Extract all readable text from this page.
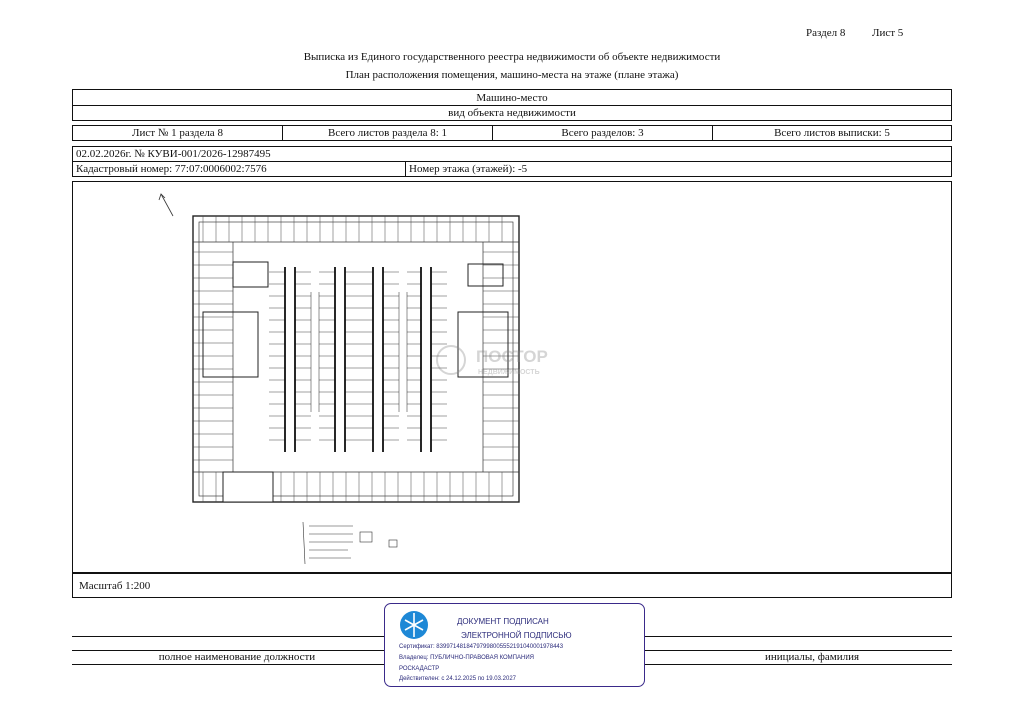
Раздел 8 Лист 5
Выписка из Единого государственного реестра недвижимости об объекте недвижимости
План расположения помещения, машино-места на этаже (плане этажа)
Машино-место
вид объекта недвижимости
Лист № 1 раздела 8	Всего листов раздела 8: 1	Всего разделов: 3	Всего листов выписки: 5
02.02.2026г. № КУВИ-001/2026-12987495
Кадастровый номер: 77:07:0006002:7576	Номер этажа (этажей): -5
ПОСТОР
НЕДВИЖИМОСТЬ
Масштаб 1:200
полное наименование должности	инициалы, фамилия
ДОКУМЕНТ ПОДПИСАН
ЭЛЕКТРОННОЙ ПОДПИСЬЮ
Сертификат: 83997148184797998005552191040001978443
Владелец: ПУБЛИЧНО-ПРАВОВАЯ КОМПАНИЯ
РОСКАДАСТР
Действителен: с 24.12.2025 по 19.03.2027
